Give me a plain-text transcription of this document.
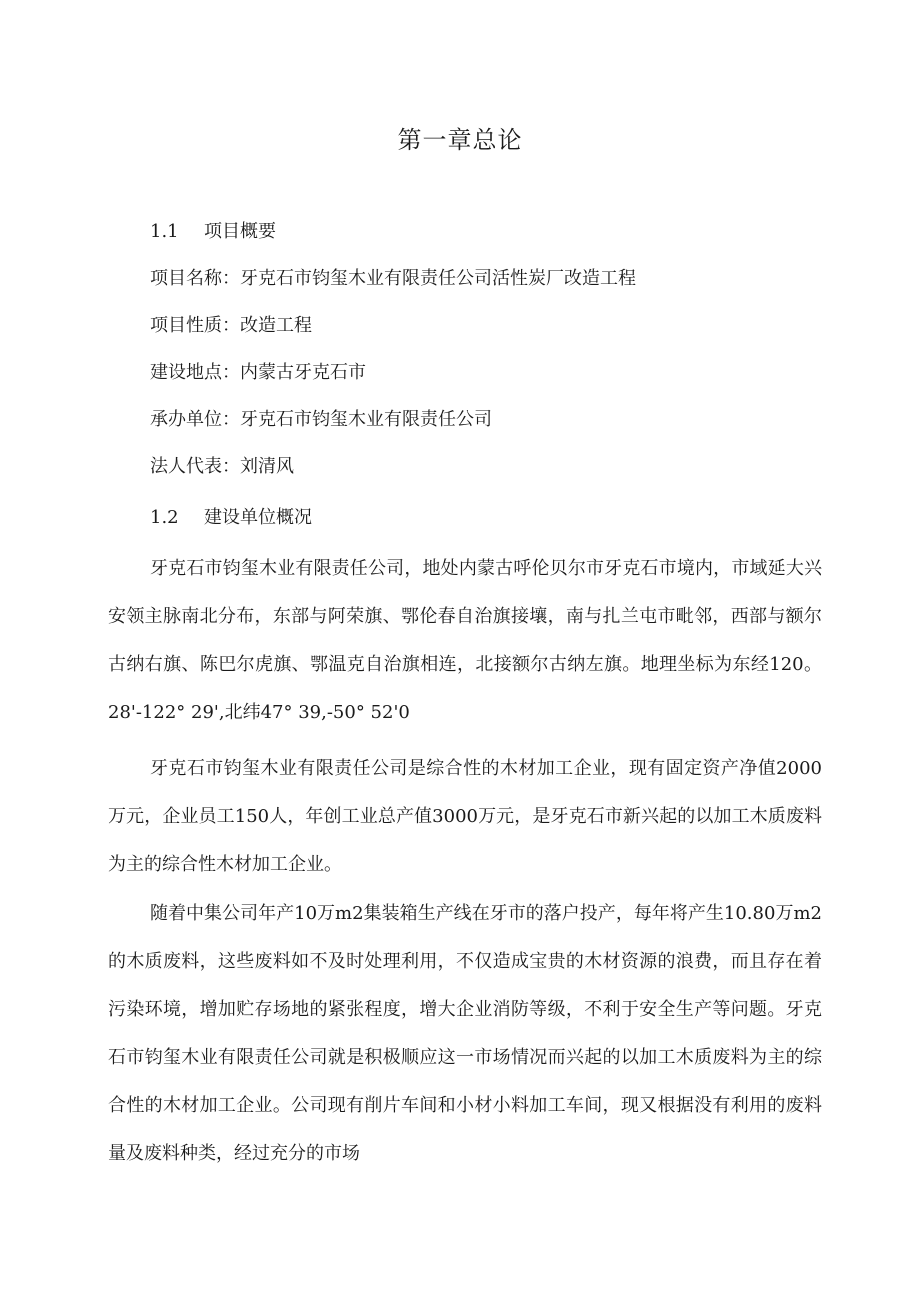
第一章总论
1.1 项目概要
项目名称：牙克石市钧玺木业有限责任公司活性炭厂改造工程
项目性质：改造工程
建设地点：内蒙古牙克石市
承办单位：牙克石市钧玺木业有限责任公司
法人代表：刘清风
1.2 建设单位概况
牙克石市钧玺木业有限责任公司，地处内蒙古呼伦贝尔市牙克石市境内，市域延大兴安领主脉南北分布，东部与阿荣旗、鄂伦春自治旗接壤，南与扎兰屯市毗邻，西部与额尔古纳右旗、陈巴尔虎旗、鄂温克自治旗相连，北接额尔古纳左旗。地理坐标为东经120。28'-122° 29',北纬47° 39,-50° 52'0
牙克石市钧玺木业有限责任公司是综合性的木材加工企业，现有固定资产净值2000万元，企业员工150人，年创工业总产值3000万元，是牙克石市新兴起的以加工木质废料为主的综合性木材加工企业。
随着中集公司年产10万m2集装箱生产线在牙市的落户投产，每年将产生10.80万m2的木质废料，这些废料如不及时处理利用，不仅造成宝贵的木材资源的浪费，而且存在着污染环境，增加贮存场地的紧张程度，增大企业消防等级，不利于安全生产等问题。牙克石市钧玺木业有限责任公司就是积极顺应这一市场情况而兴起的以加工木质废料为主的综合性的木材加工企业。公司现有削片车间和小材小料加工车间，现又根据没有利用的废料量及废料种类，经过充分的市场
